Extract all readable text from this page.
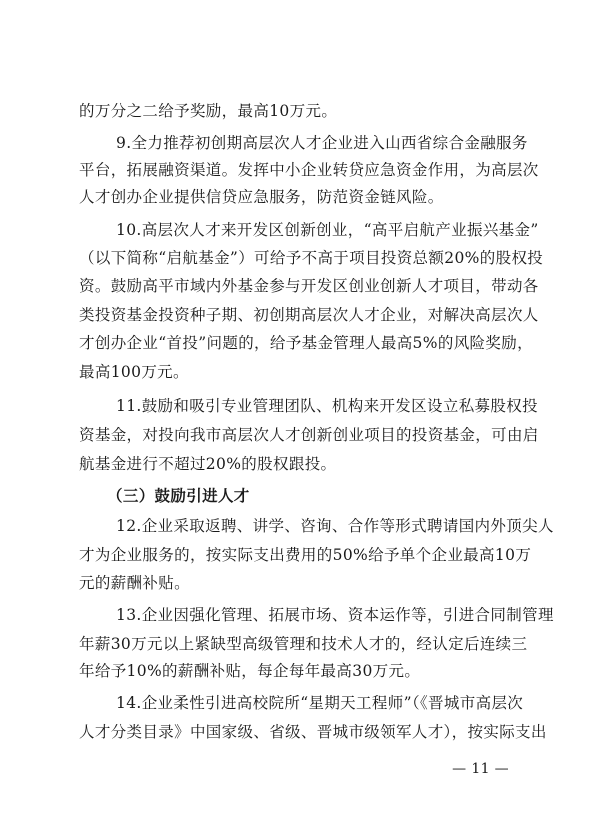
的万分之二给予奖励，最高10万元。
9.全力推荐初创期高层次人才企业进入山西省综合金融服务
平台，拓展融资渠道。发挥中小企业转贷应急资金作用，为高层次
人才创办企业提供信贷应急服务，防范资金链风险。
10.高层次人才来开发区创新创业，“高平启航产业振兴基金”
（以下简称“启航基金”）可给予不高于项目投资总额20%的股权投
资。鼓励高平市域内外基金参与开发区创业创新人才项目，带动各
类投资基金投资种子期、初创期高层次人才企业，对解决高层次人
才创办企业“首投”问题的，给予基金管理人最高5%的风险奖励，
最高100万元。
11.鼓励和吸引专业管理团队、机构来开发区设立私募股权投
资基金，对投向我市高层次人才创新创业项目的投资基金，可由启
航基金进行不超过20%的股权跟投。
（三）鼓励引进人才
12.企业采取返聘、讲学、咨询、合作等形式聘请国内外顶尖人
才为企业服务的，按实际支出费用的50%给予单个企业最高10万
元的薪酬补贴。
13.企业因强化管理、拓展市场、资本运作等，引进合同制管理
年薪30万元以上紧缺型高级管理和技术人才的，经认定后连续三
年给予10%的薪酬补贴，每企每年最高30万元。
14.企业柔性引进高校院所“星期天工程师”（《晋城市高层次
人才分类目录》中国家级、省级、晋城市级领军人才），按实际支出
— 11 —
